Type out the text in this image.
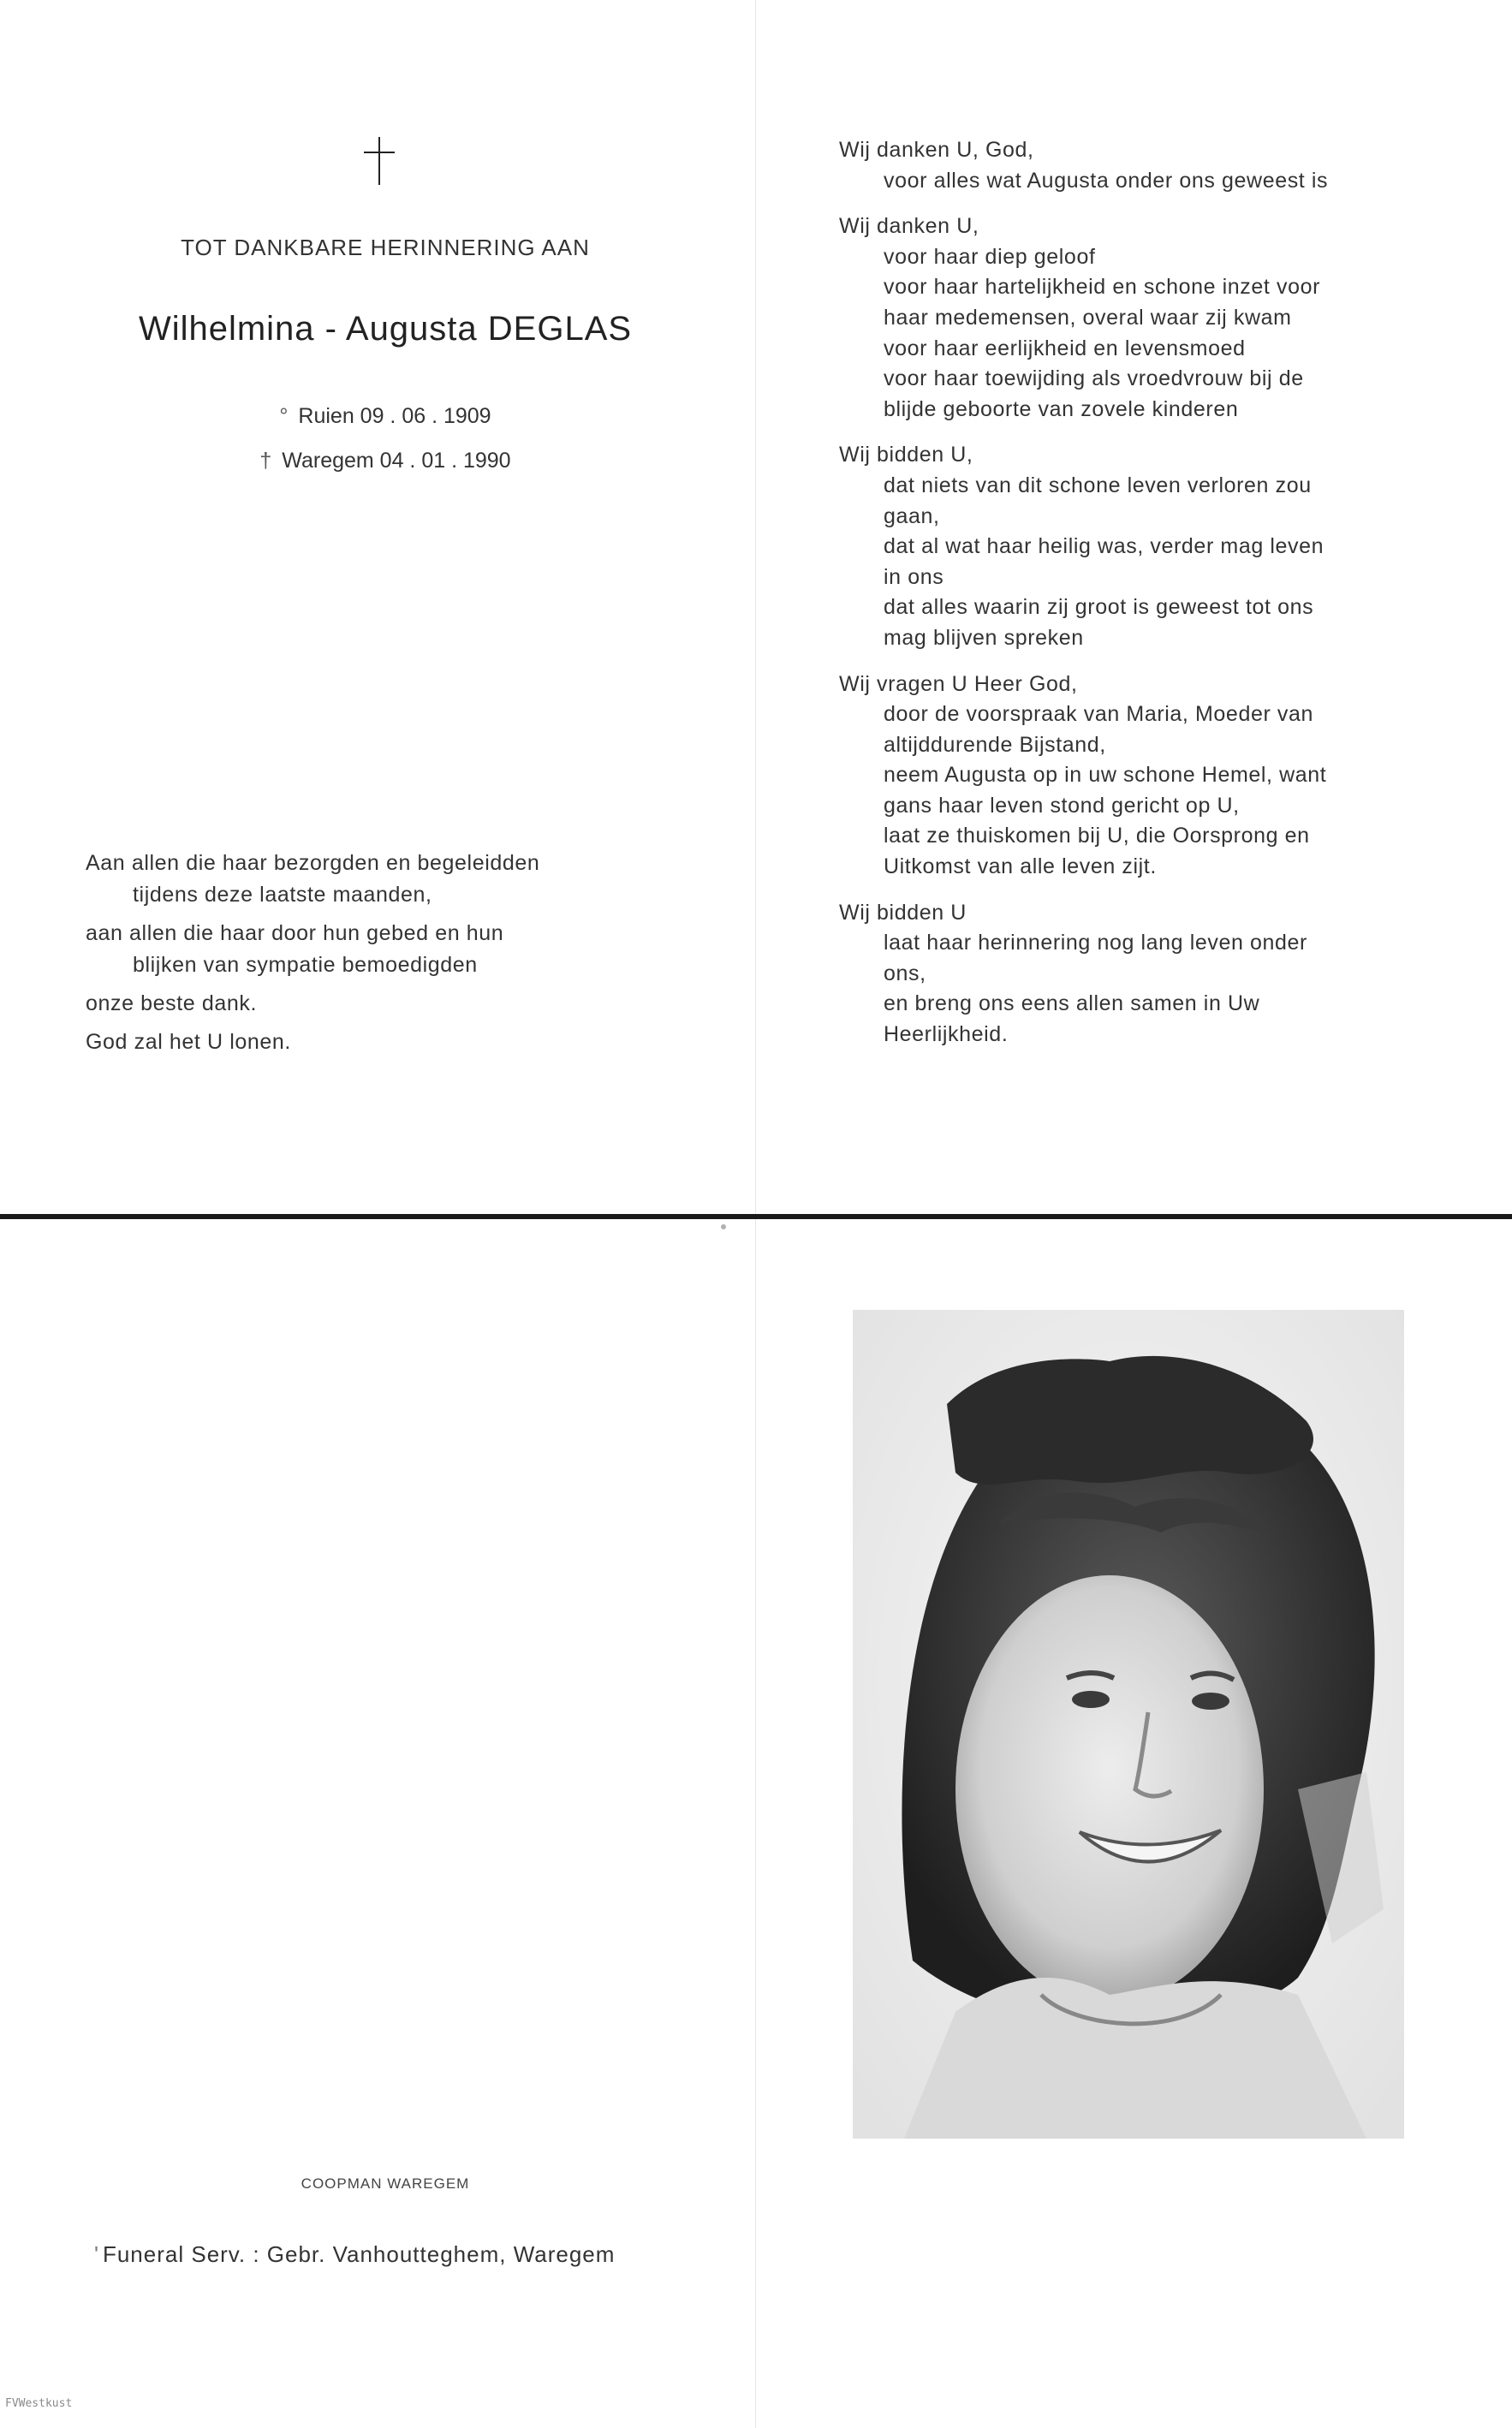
TOT DANKBARE HERINNERING AAN
Wilhelmina - Augusta DEGLAS
° Ruien 09 . 06 . 1909
† Waregem 04 . 01 . 1990
Aan allen die haar bezorgden en begeleidden
tijdens deze laatste maanden,
aan allen die haar door hun gebed en hun
blijken van sympatie bemoedigden
onze beste dank.
God zal het U lonen.
Wij danken U, God,
voor alles wat Augusta onder ons geweest is
Wij danken U,
voor haar diep geloof
voor haar hartelijkheid en schone inzet voor
haar medemensen, overal waar zij kwam
voor haar eerlijkheid en levensmoed
voor haar toewijding als vroedvrouw bij de
blijde geboorte van zovele kinderen
Wij bidden U,
dat niets van dit schone leven verloren zou
gaan,
dat al wat haar heilig was, verder mag leven
in ons
dat alles waarin zij groot is geweest tot ons
mag blijven spreken
Wij vragen U Heer God,
door de voorspraak van Maria, Moeder van
altijddurende Bijstand,
neem Augusta op in uw schone Hemel, want
gans haar leven stond gericht op U,
laat ze thuiskomen bij U, die Oorsprong en
Uitkomst van alle leven zijt.
Wij bidden U
laat haar herinnering nog lang leven onder
ons,
en breng ons eens allen samen in Uw
Heerlijkheid.
COOPMAN WAREGEM
' Funeral Serv. : Gebr. Vanhoutteghem, Waregem
FVWestkust
